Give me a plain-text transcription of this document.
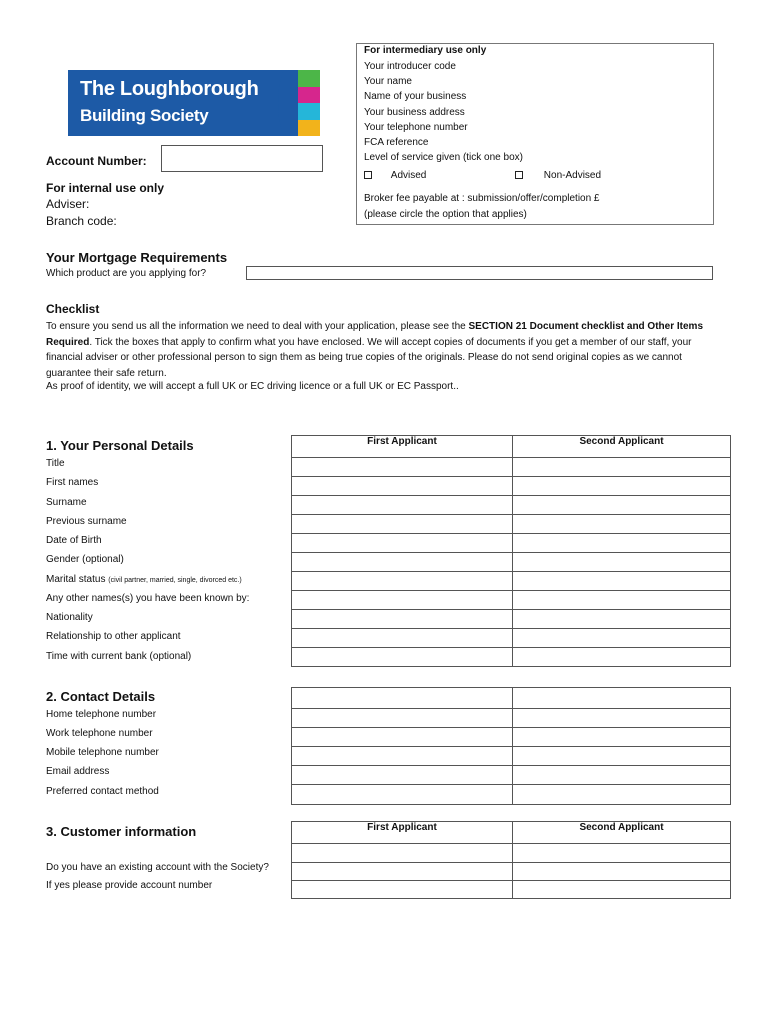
The Loughborough
Building Society
For intermediary use only
Your introducer code
Your name
Name of your business
Your business address
Your telephone number
FCA reference
Level of service given (tick one box)
Advised	Non-Advised
Broker fee payable at : submission/offer/completion £
(please circle the option that applies)
Account Number:
For internal use only
Adviser:
Branch code:
Your Mortgage Requirements
Which product are you applying for?
Checklist
To ensure you send us all the information we need to deal with your application, please see the SECTION 21 Document checklist and Other Items Required. Tick the boxes that apply to confirm what you have enclosed. We will accept copies of documents if you get a member of our staff, your financial adviser or other professional person to sign them as being true copies of the originals. Please do not send original copies as we cannot guarantee their safe return.
As proof of identity, we will accept a full UK or EC driving licence or a full UK or EC Passport..
1. Your Personal Details	First Applicant	Second Applicant

Title
First names
Surname
Previous surname
Date of Birth
Gender (optional)
Marital status (civil partner, married, single, divorced etc.)
Any other names(s) you have been known by:
Nationality
Relationship to other applicant
Time with current bank (optional)
2. Contact Details

Home telephone number
Work telephone number
Mobile telephone number
Email address
Preferred contact method
3. Customer information	First Applicant	Second Applicant

Do you have an existing account with the Society?
If yes please provide account number
